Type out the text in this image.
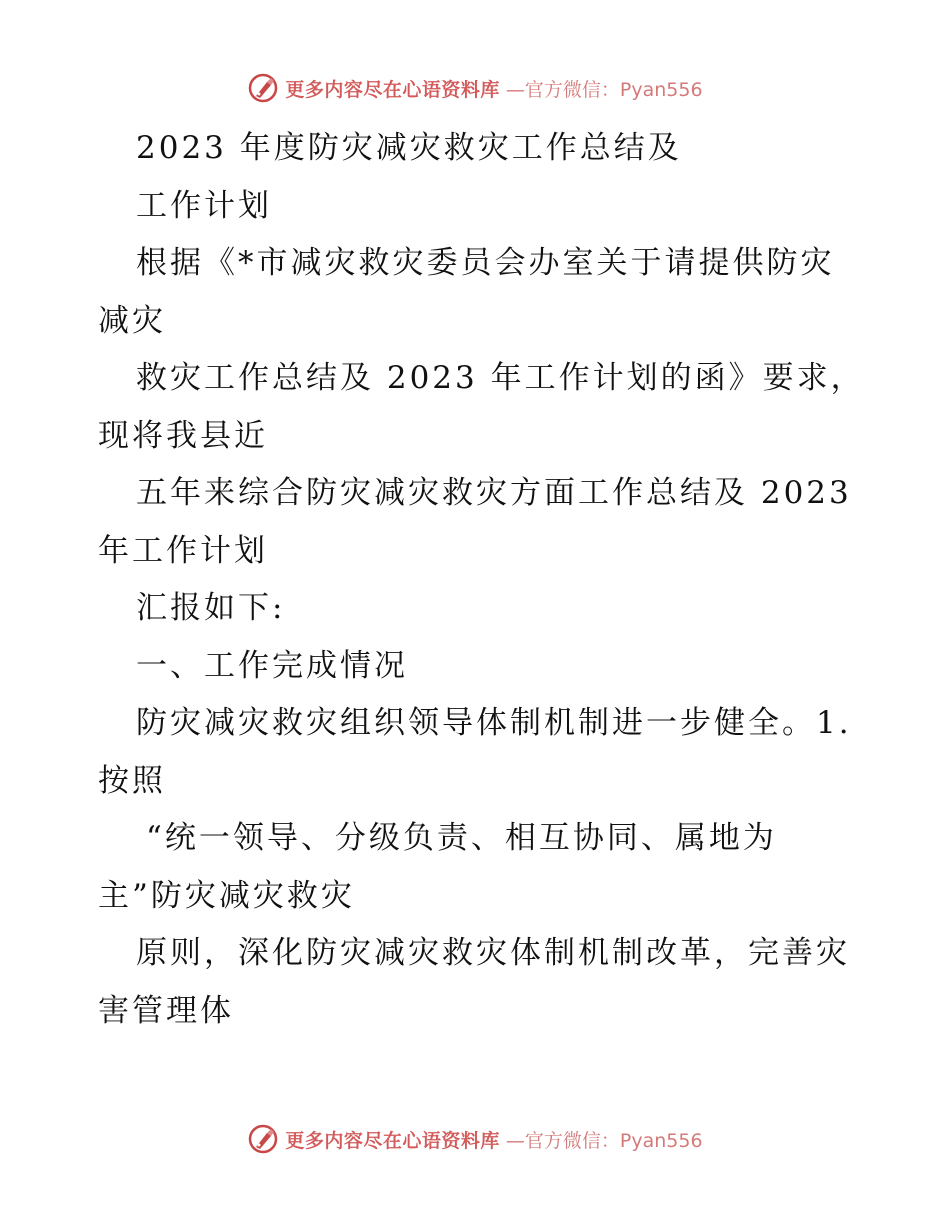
更多内容尽在心语资料库 —官方微信：Pyan556
2023 年度防灾减灾救灾工作总结及
工作计划
根据《*市减灾救灾委员会办室关于请提供防灾
减灾
救灾工作总结及 2023 年工作计划的函》要求，
现将我县近
五年来综合防灾减灾救灾方面工作总结及 2023
年工作计划
汇报如下:
一、工作完成情况
防灾减灾救灾组织领导体制机制进一步健全。1.
按照
“统一领导、分级负责、相互协同、属地为
主”防灾减灾救灾
原则，深化防灾减灾救灾体制机制改革，完善灾
害管理体
更多内容尽在心语资料库 —官方微信：Pyan556
